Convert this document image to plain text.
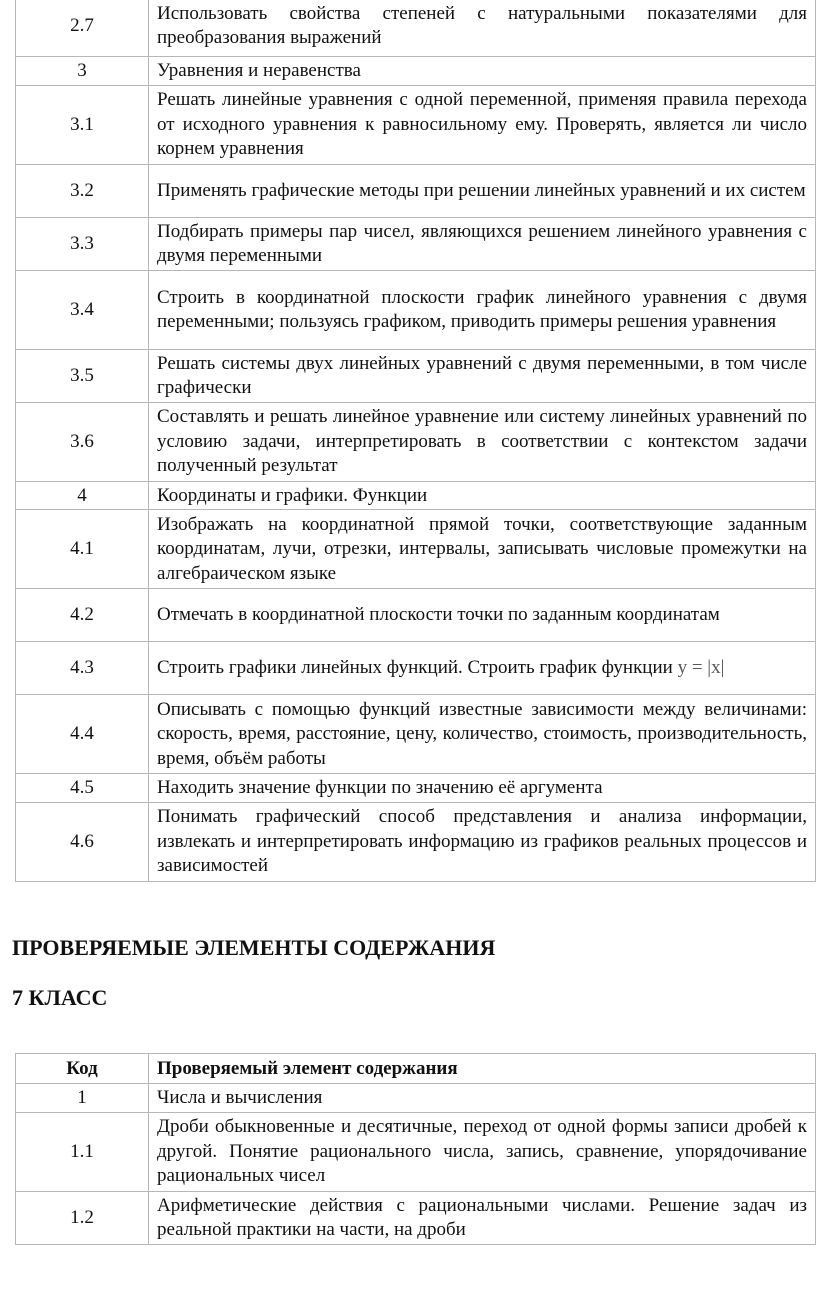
2.7	Использовать свойства степеней с натуральными показателями для преобразования выражений
3	Уравнения и неравенства
3.1	Решать линейные уравнения с одной переменной, применяя правила перехода от исходного уравнения к равносильному ему. Проверять, является ли число корнем уравнения
3.2	Применять графические методы при решении линейных уравнений и их систем
3.3	Подбирать примеры пар чисел, являющихся решением линейного уравнения с двумя переменными
3.4	Строить в координатной плоскости график линейного уравнения с двумя переменными; пользуясь графиком, приводить примеры решения уравнения
3.5	Решать системы двух линейных уравнений с двумя переменными, в том числе графически
3.6	Составлять и решать линейное уравнение или систему линейных уравнений по условию задачи, интерпретировать в соответствии с контекстом задачи полученный результат
4	Координаты и графики. Функции
4.1	Изображать на координатной прямой точки, соответствующие заданным координатам, лучи, отрезки, интервалы, записывать числовые промежутки на алгебраическом языке
4.2	Отмечать в координатной плоскости точки по заданным координатам
4.3	Строить графики линейных функций. Строить график функции y = |x|
4.4	Описывать с помощью функций известные зависимости между величинами: скорость, время, расстояние, цену, количество, стоимость, производительность, время, объём работы
4.5	Находить значение функции по значению её аргумента
4.6	Понимать графический способ представления и анализа информации, извлекать и интерпретировать информацию из графиков реальных процессов и зависимостей
ПРОВЕРЯЕМЫЕ ЭЛЕМЕНТЫ СОДЕРЖАНИЯ
7 КЛАСС
Код	Проверяемый элемент содержания
1	Числа и вычисления
1.1	Дроби обыкновенные и десятичные, переход от одной формы записи дробей к другой. Понятие рационального числа, запись, сравнение, упорядочивание рациональных чисел
1.2	Арифметические действия с рациональными числами. Решение задач из реальной практики на части, на дроби
